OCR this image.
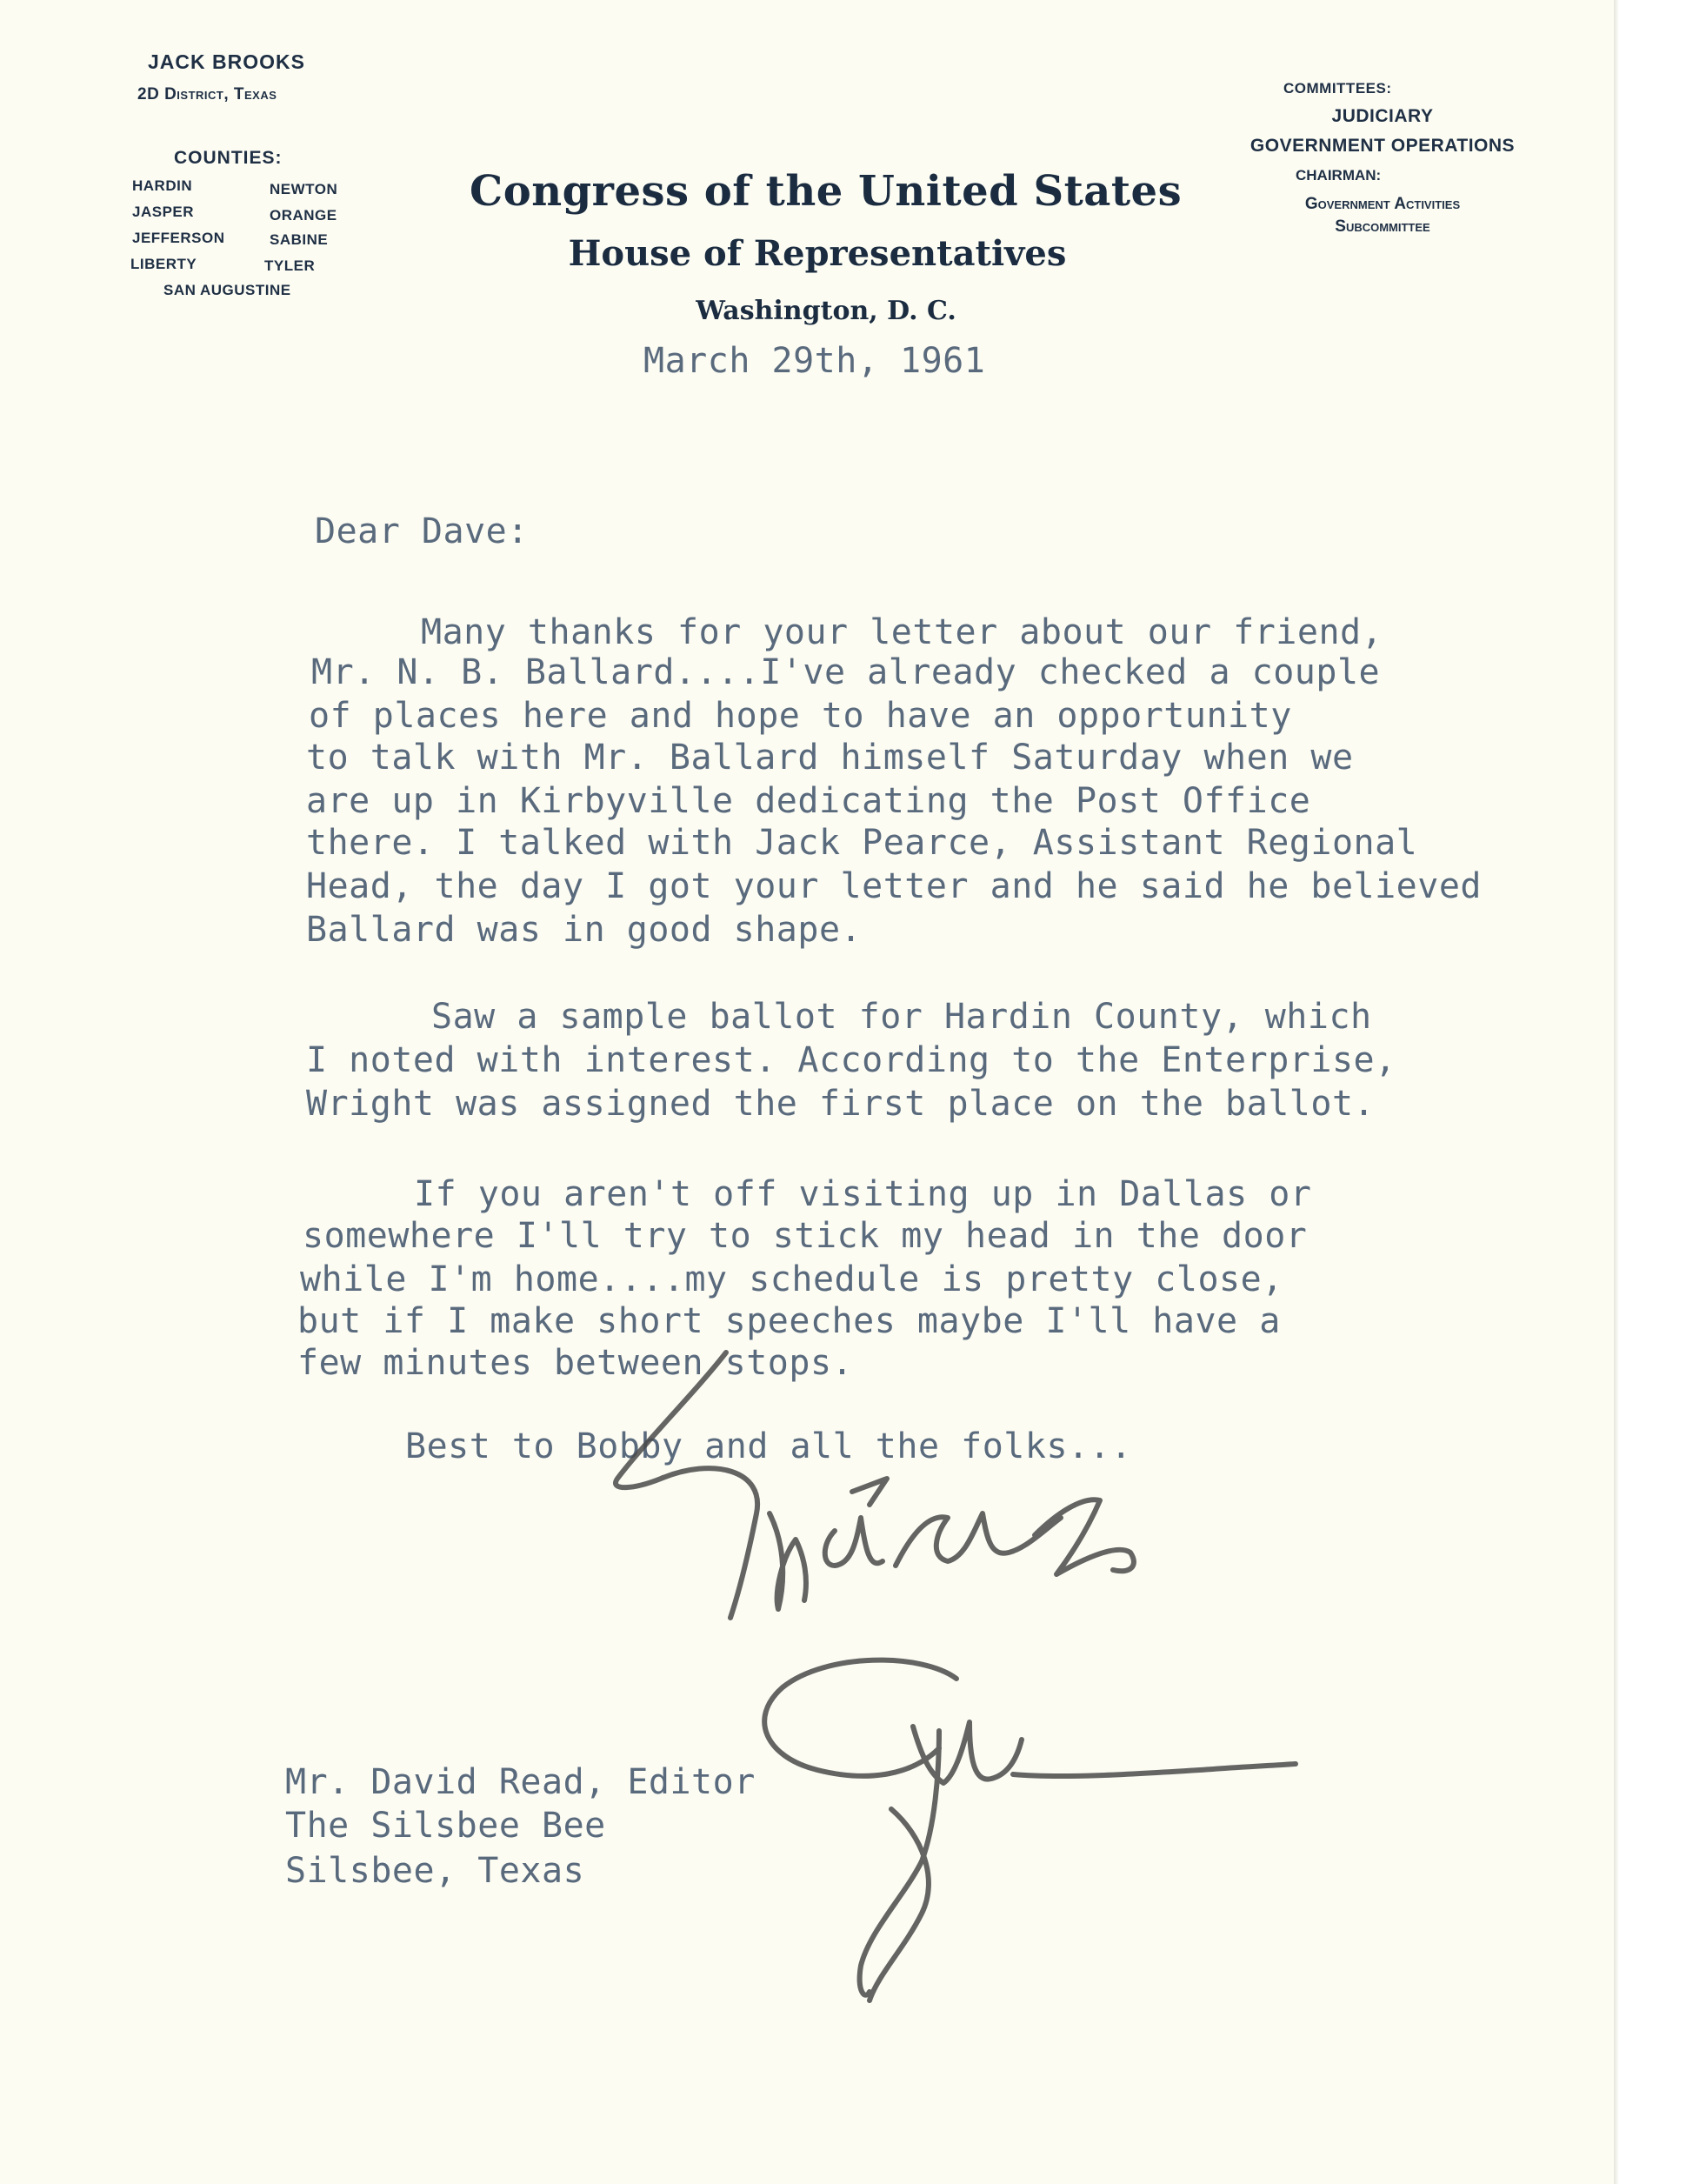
JACK BROOKS
2D District, Texas
COUNTIES:
HARDIN	NEWTON
JASPER	ORANGE
JEFFERSON	SABINE
LIBERTY	TYLER
SAN AUGUSTINE
Congress of the United States
House of Representatives
Washington, D. C.
COMMITTEES:
JUDICIARY
GOVERNMENT OPERATIONS
CHAIRMAN:
Government Activities
Subcommittee
March 29th, 1961
Dear Dave:
Many thanks for your letter about our friend,
Mr. N. B. Ballard....I've already checked a couple
of places here and hope to have an opportunity
to talk with Mr. Ballard himself Saturday when we
are up in Kirbyville dedicating the Post Office
there. I talked with Jack Pearce, Assistant Regional
Head, the day I got your letter and he said he believed
Ballard was in good shape.
Saw a sample ballot for Hardin County, which
I noted with interest. According to the Enterprise,
Wright was assigned the first place on the ballot.
If you aren't off visiting up in Dallas or
somewhere I'll try to stick my head in the door
while I'm home....my schedule is pretty close,
but if I make short speeches maybe I'll have a
few minutes between stops.
Best to Bobby and all the folks...
Mr. David Read, Editor
The Silsbee Bee
Silsbee, Texas
